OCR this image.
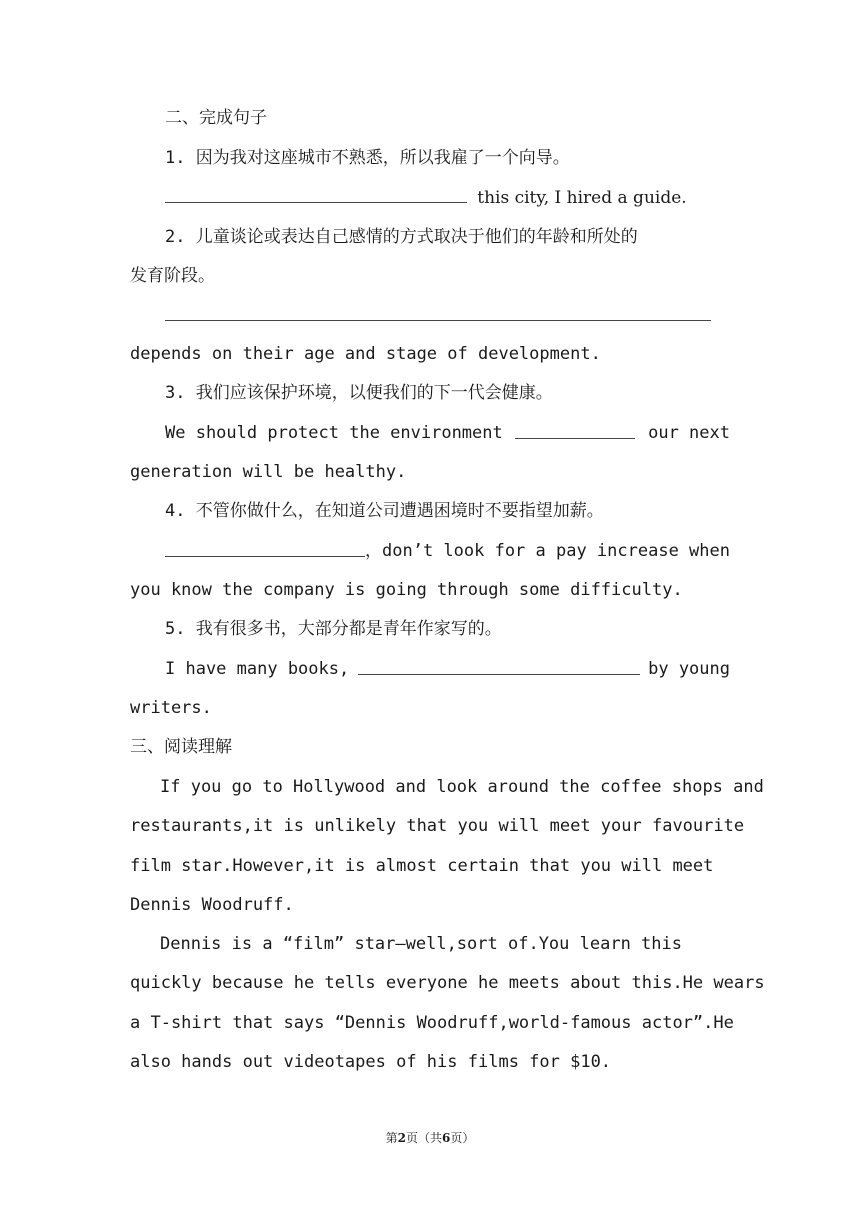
二、完成句子
1. 因为我对这座城市不熟悉，所以我雇了一个向导。
this city, I hired a guide.
2. 儿童谈论或表达自己感情的方式取决于他们的年龄和所处的
发育阶段。
depends on their age and stage of development.
3. 我们应该保护环境，以便我们的下一代会健康。
We should protect the environment	our next
generation will be healthy.
4. 不管你做什么，在知道公司遭遇困境时不要指望加薪。
，don’t look for a pay increase when
you know the company is going through some difficulty.
5. 我有很多书，大部分都是青年作家写的。
I have many books,	by young
writers.
三、阅读理解
If you go to Hollywood and look around the coffee shops and
restaurants,it is unlikely that you will meet your favourite
film star.However,it is almost certain that you will meet
Dennis Woodruff.
Dennis is a “film” star—well,sort of.You learn this
quickly because he tells everyone he meets about this.He wears
a T-shirt that says “Dennis Woodruff,world-famous actor”.He
also hands out videotapes of his films for $10.
第2页（共6页）
